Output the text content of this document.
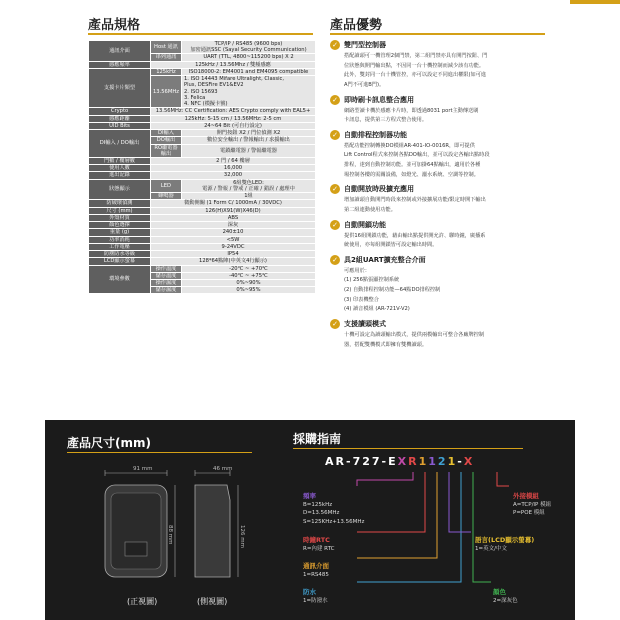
產品規格	產品優勢
通訊介面	Host 通訊	TCP/IP / RS485 (9600 bps)
加密通訊SSC (Sayal Security Communication)
	串列通訊	UART (TTL, 4800~115200 bps) X 2
感應頻率	125kHz / 13.56Mhz / 雙頻感應	
支援卡片類型	125kHz	ISO18000-2: EM4001 and EM4095 compatible
	13.56MHz	1. ISO 14443 Mifare Ultralight, Classic,
Plus, DESFire EV1&EV2
2. ISO 15693
3. Felica
4. NFC (模擬卡號)
Crypto	13.56MHz: CC Certification: AES Crypto comply with EAL5+	
感應距離	125kHz: 5-15 cm / 13.56MHz: 2-5 cm	
UID Bits	24~64 Bit (可自行設定)	
DI輸入 / DO輸出	DI輸入	開門按鈕 X2 / 門位偵測 X2
	DO輸出	數位安全輸出 / 警報輸出 / 求援輸出
	RO繼電器輸出	電鎖繼電器 / 警報繼電器
門數 / 樓層數	2 門 / 64 樓層	
使用人數	16,000	
進出記錄	32,000	
狀態顯示	LED	6組雙色LED:
電源 / 警報 / 警戒 / 正確 / 錯誤 / 處理中
	蜂鳴器	1組
防破壞偵測	微動開關 (1 Form C/ 1000mA / 30VDC)	
尺寸 (mm)	126(H)X91(W)X46(D)	
外殼材質	ABS	
顏色選擇	深灰	
重量 (g)	240±10	
功率消耗	<5W	
工作電壓	9-24VDC	
防塵防水等級	IP54	
LCD顯示螢幕	128*64點陣(中英文4行顯示)	
環境參數	操作溫度	-20℃ ~ +70℃
	儲存溫度	-40℃ ~ +75℃
	操作濕度	0%~90%
	儲存濕度	0%~95%
✓ 雙門型控制器
搭配讀頭可一機管理2個門禁，第二組門禁亦具有開門按鈕、門
位狀態與開門輸出點，不因同一台十機控制而減少該有功能。
此外，雙封同一台十機管控，亦可以設定不同進出權限(如可進
A門不可進B門)。
✓ 即時刷卡訊息整合應用
網路型讀卡機於感應卡片時，即透過8031 port主動傳送刷
卡訊息，提供第三方程式整合使用。
✓ 自動排程控制器功能
搭配功能控制轉換DO模組AR-401-IO-0016R，即可提供
Lift Control程式來控制各點DO輸出，並可以設定各輸出點時段
排程，達到自動控制功能。並可加掛64點輸出，適用於各種
場控制各樓的需關設備，如燈光、灑水系統、空調等控制。
✓ 自動開放時段擴充應用
增加讀頭自動開門時段來控制或外接擴展功能/限定時開下輸出
第二組連動使用功能。
✓ 自動開鎖功能
提供16組開鎖功能，藉由輸出點提供開允許、聯時鐘，廣播系
統使用，亦每組開鎖皆可設定輸出時間。
✓ 具2組UART擴充整合介面
可應用於：
(1) 256點張顯控制系統
(2) 自動排程控制功能—64點DO排程控制
(3) 印表機整合
(4) 讀音模組 (AR-721V-V2)
✓ 支援讀頭模式
十機可設定為讀頭輸出模式，提供兩模輸出可整合各廠牌控制
器，搭配雙機模式即擁有雙機讀頭。
產品尺寸(mm)	採購指南
91 mm	46 mm
88 mm	126 mm
(正視圖)	(側視圖)
AR-727-EXR1121-X

頻率
B=125kHz
D=13.56MHz
S=125KHz+13.56MHz

時鐘RTC
R=內建 RTC

通訊介面
1=RS485

防水
1=防潑水

外接模組
A=TCP/IP 模組
P=POE 模組

語言(LCD顯示螢幕)
1=英文/中文

顏色
2=深灰色
